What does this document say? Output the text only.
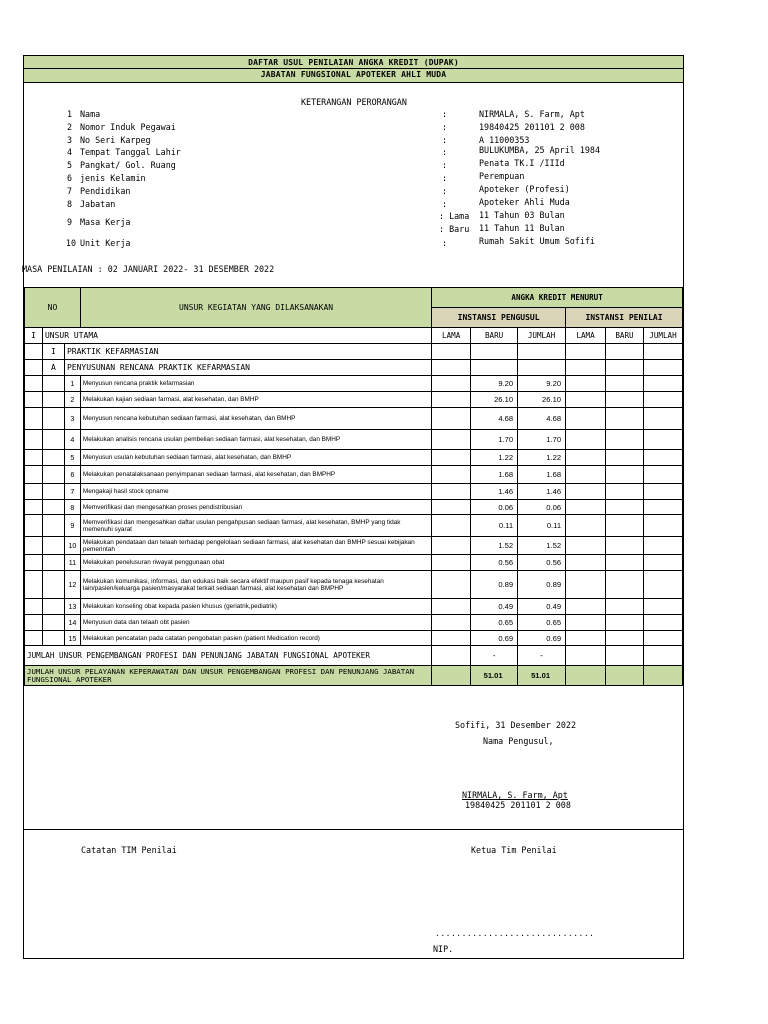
DAFTAR USUL PENILAIAN ANGKA KREDIT (DUPAK)
JABATAN FUNGSIONAL APOTEKER AHLI MUDA
KETERANGAN PERORANGAN
1 Nama	:	NIRMALA, S. Farm, Apt
2 Nomor Induk Pegawai	:	19840425 201101 2 008
3 No Seri Karpeg	:	A 11000353
4 Tempat Tanggal Lahir	:	BULUKUMBA, 25 April 1984
5 Pangkat/ Gol. Ruang	:	Penata TK.I /IIId
6 jenis Kelamin	:	Perempuan
7 Pendidikan	:	Apoteker (Profesi)
8 Jabatan	:	Apoteker Ahli Muda
9 Masa Kerja
: Lama 11 Tahun 03 Bulan
: Baru 11 Tahun 11 Bulan
10 Unit Kerja	:	Rumah Sakit Umum Sofifi
MASA PENILAIAN : 02 JANUARI 2022- 31 DESEMBER 2022
NO			UNSUR KEGIATAN YANG DILAKSANAKAN	ANGKA KREDIT MENURUT					
				INSTANSI PENGUSUL			INSTANSI PENILAI		
I	UNSUR UTAMA			LAMA	BARU	JUMLAH	LAMA	BARU	JUMLAH
	I	PRAKTIK KEFARMASIAN							
	A	PENYUSUNAN RENCANA PRAKTIK KEFARMASIAN							
		1	Menyusun rencana praktik kefarmasian		9.20	9.20			
		2	Melakukan kajian sediaan farmasi, alat kesehatan, dan BMHP		26.10	26.10			
		3	Menyusun rencana kebutuhan sediaan farmasi, alat kesehatan, dan BMHP		4.68	4.68			
		4	Melakukan analisis rencana usulan pembelian sediaan farmasi, alat kesehatan, dan BMHP		1.70	1.70			
		5	Menyusun usulan kebutuhan sediaan farmasi, alat kesehatan, dan BMHP		1.22	1.22			
		6	Melakukan penatalaksanaan penyimpanan sediaan farmasi, alat kesehatan, dan BMPHP		1.68	1.68			
		7	Mengakaji hasil stock opname		1.46	1.46			
		8	Memverifikasi dan mengesahkan proses pendistribusian		0.06	0.06			
		9	Memverifikasi dan mengesahkan daftar usulan pengahpusan sediaan farmasi, alat kesehatan, BMHP yang tidak memenuhi syarat		0.11	0.11			
		10	Melakukan pendataan dan telaah terhadap pengelolaan sediaan farmasi, alat kesehatan dan BMHP sesuai kebijakan pemerintah		1.52	1.52			
		11	Melakukan penelusuran riwayat penggunaan obat		0.56	0.56			
		12	Melakukan komunikasi, informasi, dan edukasi baik secara efektif maupun pasif kepada tenaga kesehatan lain/pasien/keluarga pasien/masyarakat terkait sediaan farmasi, alat kesehatan dan BMPHP		0.89	0.89			
		13	Melakukan konseling obat kepada pasien khusus (geriatrik,pediatrik)		0.49	0.49			
		14	Menyusun data dan telaah obt pasien		0.65	0.65			
		15	Melakukan pencatatan pada catatan pengobatan pasien (patient Medication record)		0.69	0.69			
JUMLAH UNSUR PENGEMBANGAN PROFESI DAN PENUNJANG JABATAN FUNGSIONAL APOTEKER					-	-			
JUMLAH UNSUR PELAYANAN KEPERAWATAN DAN UNSUR PENGEMBANGAN PROFESI DAN PENUNJANG JABATAN FUNGSIONAL APOTEKER					51.01	51.01			
Sofifi, 31 Desember 2022
Nama Pengusul,
NIRMALA, S. Farm, Apt
19840425 201101 2 008
Catatan TIM Penilai	Ketua Tim Penilai
..............................
NIP.
